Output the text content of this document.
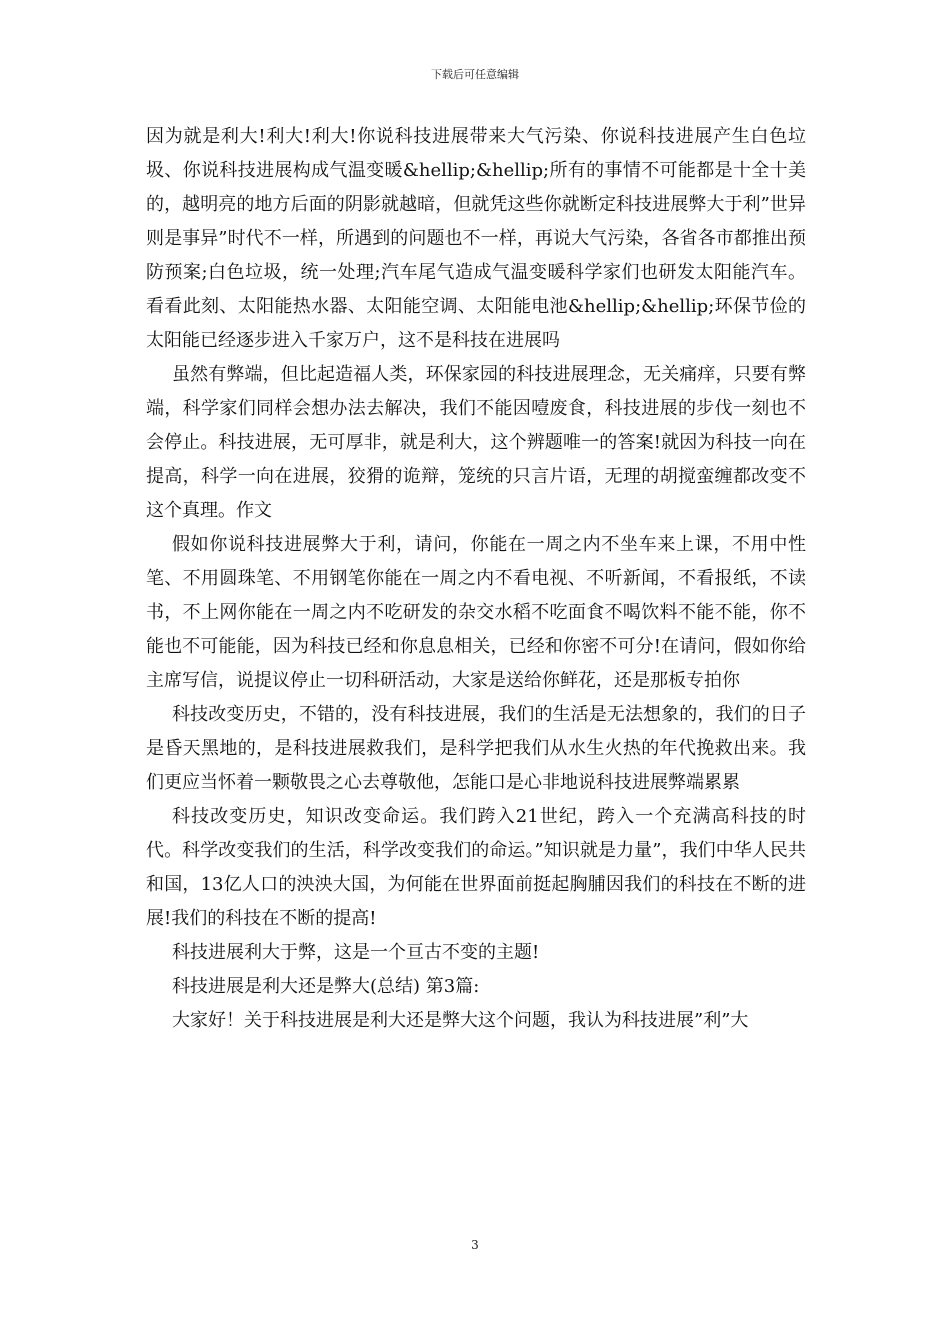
下载后可任意编辑

因为就是利大!利大!利大!你说科技进展带来大气污染、你说科技进展产生白色垃圾、你说科技进展构成气温变暖&hellip;&hellip;所有的事情不可能都是十全十美的，越明亮的地方后面的阴影就越暗，但就凭这些你就断定科技进展弊大于利”世异则是事异”时代不一样，所遇到的问题也不一样，再说大气污染，各省各市都推出预防预案;白色垃圾，统一处理;汽车尾气造成气温变暖科学家们也研发太阳能汽车。看看此刻、太阳能热水器、太阳能空调、太阳能电池&hellip;&hellip;环保节俭的太阳能已经逐步进入千家万户，这不是科技在进展吗

虽然有弊端，但比起造福人类，环保家园的科技进展理念，无关痛痒，只要有弊端，科学家们同样会想办法去解决，我们不能因噎废食，科技进展的步伐一刻也不会停止。科技进展，无可厚非，就是利大，这个辨题唯一的答案!就因为科技一向在提高，科学一向在进展，狡猾的诡辩，笼统的只言片语，无理的胡搅蛮缠都改变不这个真理。作文

假如你说科技进展弊大于利，请问，你能在一周之内不坐车来上课，不用中性笔、不用圆珠笔、不用钢笔你能在一周之内不看电视、不听新闻，不看报纸，不读书，不上网你能在一周之内不吃研发的杂交水稻不吃面食不喝饮料不能不能，你不能也不可能能，因为科技已经和你息息相关，已经和你密不可分!在请问，假如你给主席写信，说提议停止一切科研活动，大家是送给你鲜花，还是那板专拍你

科技改变历史，不错的，没有科技进展，我们的生活是无法想象的，我们的日子是昏天黑地的，是科技进展救我们，是科学把我们从水生火热的年代挽救出来。我们更应当怀着一颗敬畏之心去尊敬他，怎能口是心非地说科技进展弊端累累

科技改变历史，知识改变命运。我们跨入21世纪，跨入一个充满高科技的时代。科学改变我们的生活，科学改变我们的命运。”知识就是力量”，我们中华人民共和国，13亿人口的泱泱大国，为何能在世界面前挺起胸脯因我们的科技在不断的进展!我们的科技在不断的提高!

科技进展利大于弊，这是一个亘古不变的主题!

科技进展是利大还是弊大(总结) 第3篇:

大家好！关于科技进展是利大还是弊大这个问题，我认为科技进展”利”大

3
